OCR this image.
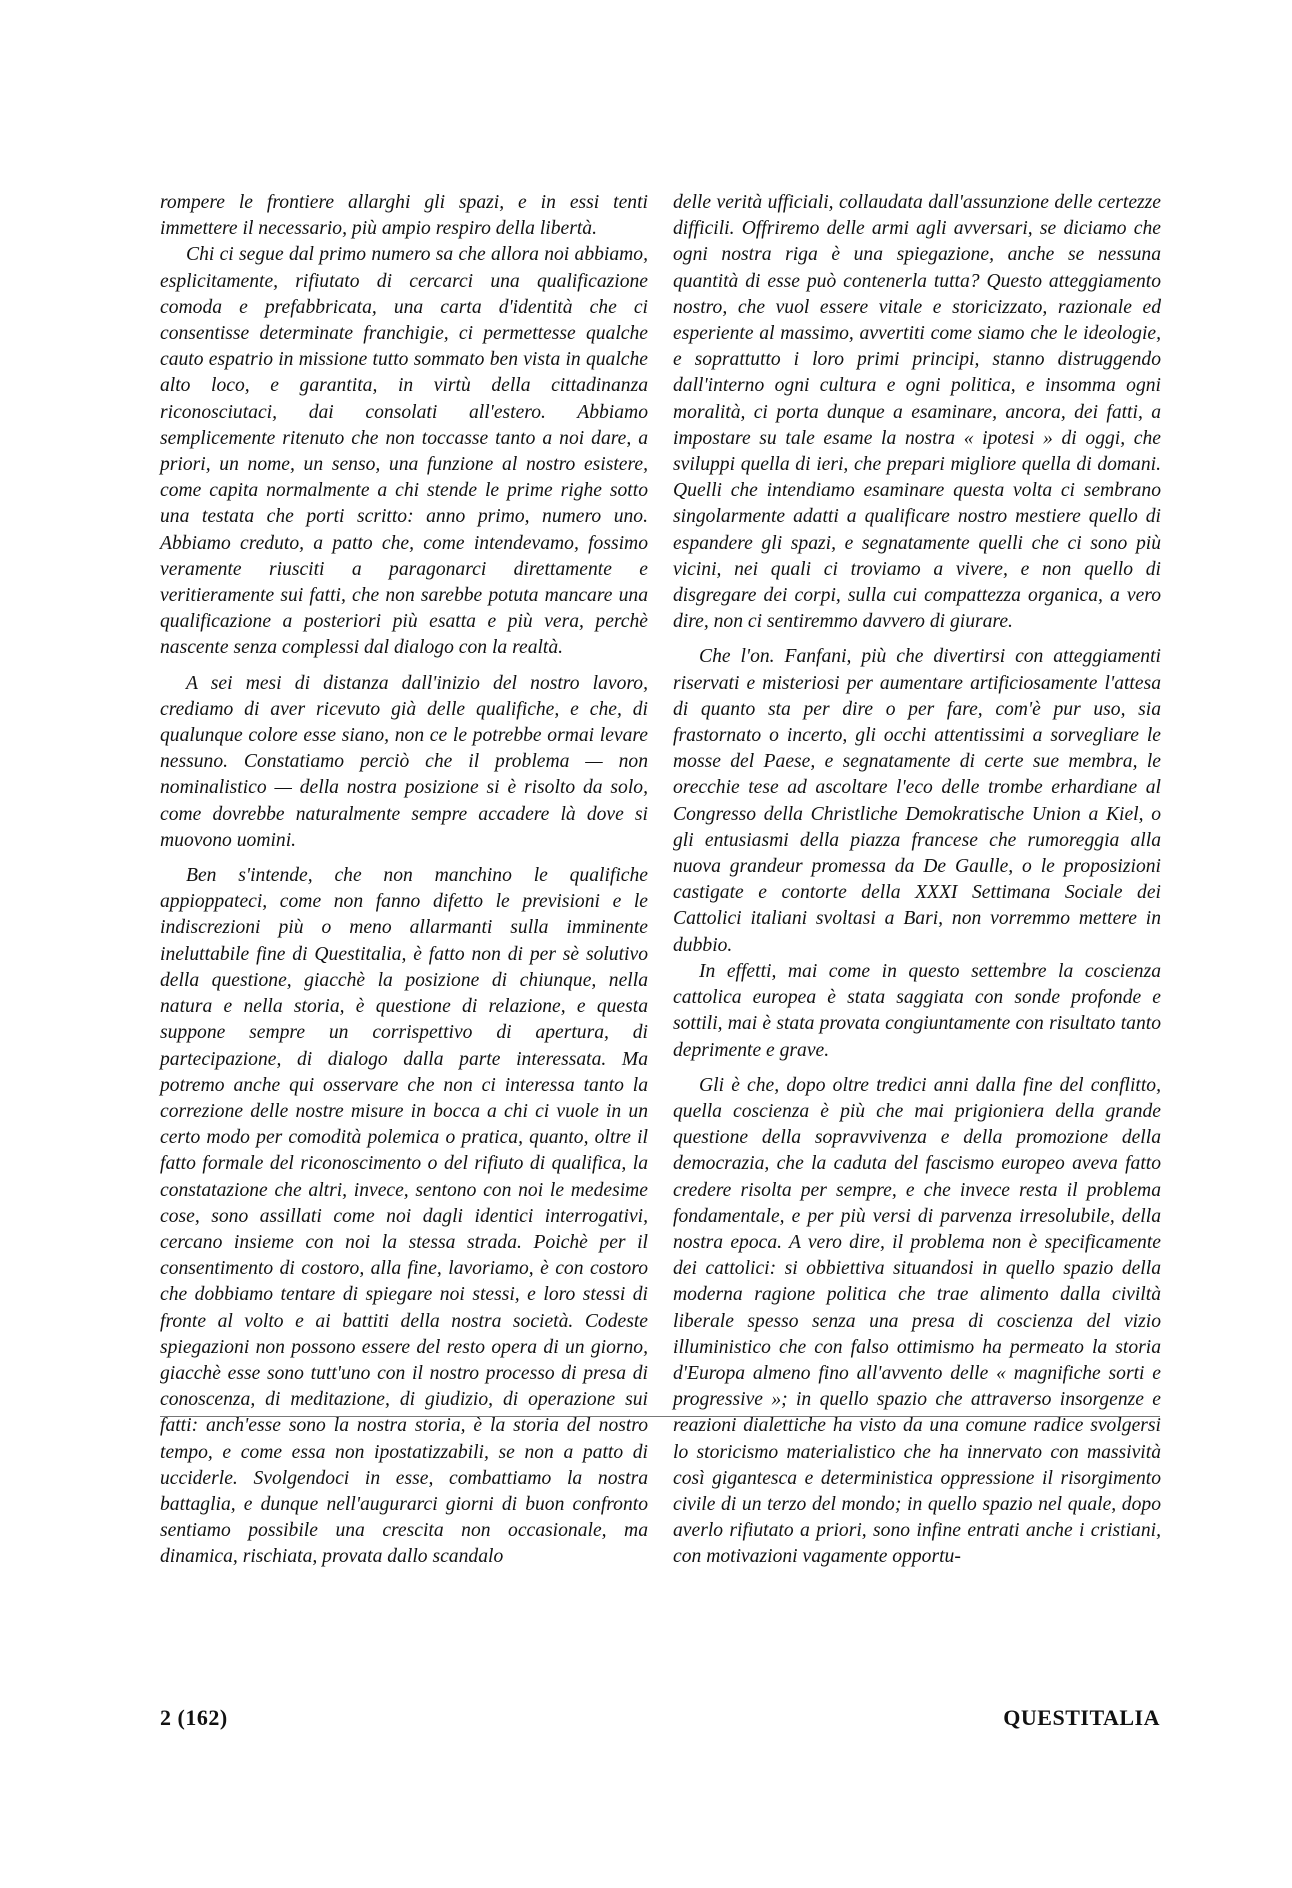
rompere le frontiere allarghi gli spazi, e in essi tenti immettere il necessario, più ampio respiro della libertà.

Chi ci segue dal primo numero sa che allora noi abbiamo, esplicitamente, rifiutato di cercarci una qualificazione comoda e prefabbricata, una carta d'identità che ci consentisse determinate franchigie, ci permettesse qualche cauto espatrio in missione tutto sommato ben vista in qualche alto loco, e garantita, in virtù della cittadinanza riconosciutaci, dai consolati all'estero. Abbiamo semplicemente ritenuto che non toccasse tanto a noi dare, a priori, un nome, un senso, una funzione al nostro esistere, come capita normalmente a chi stende le prime righe sotto una testata che porti scritto: anno primo, numero uno. Abbiamo creduto, a patto che, come intendevamo, fossimo veramente riusciti a paragonarci direttamente e veritieramente sui fatti, che non sarebbe potuta mancare una qualificazione a posteriori più esatta e più vera, perchè nascente senza complessi dal dialogo con la realtà.

A sei mesi di distanza dall'inizio del nostro lavoro, crediamo di aver ricevuto già delle qualifiche, e che, di qualunque colore esse siano, non ce le potrebbe ormai levare nessuno. Constatiamo perciò che il problema — non nominalistico — della nostra posizione si è risolto da solo, come dovrebbe naturalmente sempre accadere là dove si muovono uomini.

Ben s'intende, che non manchino le qualifiche appioppateci, come non fanno difetto le previsioni e le indiscrezioni più o meno allarmanti sulla imminente ineluttabile fine di Questitalia, è fatto non di per sè solutivo della questione, giacchè la posizione di chiunque, nella natura e nella storia, è questione di relazione, e questa suppone sempre un corrispettivo di apertura, di partecipazione, di dialogo dalla parte interessata. Ma potremo anche qui osservare che non ci interessa tanto la correzione delle nostre misure in bocca a chi ci vuole in un certo modo per comodità polemica o pratica, quanto, oltre il fatto formale del riconoscimento o del rifiuto di qualifica, la constatazione che altri, invece, sentono con noi le medesime cose, sono assillati come noi dagli identici interrogativi, cercano insieme con noi la stessa strada. Poichè per il consentimento di costoro, alla fine, lavoriamo, è con costoro che dobbiamo tentare di spiegare noi stessi, e loro stessi di fronte al volto e ai battiti della nostra società. Codeste spiegazioni non possono essere del resto opera di un giorno, giacchè esse sono tutt'uno con il nostro processo di presa di conoscenza, di meditazione, di giudizio, di operazione sui fatti: anch'esse sono la nostra storia, è la storia del nostro tempo, e come essa non ipostatizzabili, se non a patto di ucciderle. Svolgendoci in esse, combattiamo la nostra battaglia, e dunque nell'augurarci giorni di buon confronto sentiamo possibile una crescita non occasionale, ma dinamica, rischiata, provata dallo scandalo

delle verità ufficiali, collaudata dall'assunzione delle certezze difficili. Offriremo delle armi agli avversari, se diciamo che ogni nostra riga è una spiegazione, anche se nessuna quantità di esse può contenerla tutta? Questo atteggiamento nostro, che vuol essere vitale e storicizzato, razionale ed esperiente al massimo, avvertiti come siamo che le ideologie, e soprattutto i loro primi principi, stanno distruggendo dall'interno ogni cultura e ogni politica, e insomma ogni moralità, ci porta dunque a esaminare, ancora, dei fatti, a impostare su tale esame la nostra « ipotesi » di oggi, che sviluppi quella di ieri, che prepari migliore quella di domani. Quelli che intendiamo esaminare questa volta ci sembrano singolarmente adatti a qualificare nostro mestiere quello di espandere gli spazi, e segnatamente quelli che ci sono più vicini, nei quali ci troviamo a vivere, e non quello di disgregare dei corpi, sulla cui compattezza organica, a vero dire, non ci sentiremmo davvero di giurare.

Che l'on. Fanfani, più che divertirsi con atteggiamenti riservati e misteriosi per aumentare artificiosamente l'attesa di quanto sta per dire o per fare, com'è pur uso, sia frastornato o incerto, gli occhi attentissimi a sorvegliare le mosse del Paese, e segnatamente di certe sue membra, le orecchie tese ad ascoltare l'eco delle trombe erhardiane al Congresso della Christliche Demokratische Union a Kiel, o gli entusiasmi della piazza francese che rumoreggia alla nuova grandeur promessa da De Gaulle, o le proposizioni castigate e contorte della XXXI Settimana Sociale dei Cattolici italiani svoltasi a Bari, non vorremmo mettere in dubbio.

In effetti, mai come in questo settembre la coscienza cattolica europea è stata saggiata con sonde profonde e sottili, mai è stata provata congiuntamente con risultato tanto deprimente e grave.

Gli è che, dopo oltre tredici anni dalla fine del conflitto, quella coscienza è più che mai prigioniera della grande questione della sopravvivenza e della promozione della democrazia, che la caduta del fascismo europeo aveva fatto credere risolta per sempre, e che invece resta il problema fondamentale, e per più versi di parvenza irresolubile, della nostra epoca. A vero dire, il problema non è specificamente dei cattolici: si obbiettiva situandosi in quello spazio della moderna ragione politica che trae alimento dalla civiltà liberale spesso senza una presa di coscienza del vizio illuministico che con falso ottimismo ha permeato la storia d'Europa almeno fino all'avvento delle « magnifiche sorti e progressive »; in quello spazio che attraverso insorgenze e reazioni dialettiche ha visto da una comune radice svolgersi lo storicismo materialistico che ha innervato con massività così gigantesca e deterministica oppressione il risorgimento civile di un terzo del mondo; in quello spazio nel quale, dopo averlo rifiutato a priori, sono infine entrati anche i cristiani, con motivazioni vagamente opportu-

2 (162)	QUESTITALIA
